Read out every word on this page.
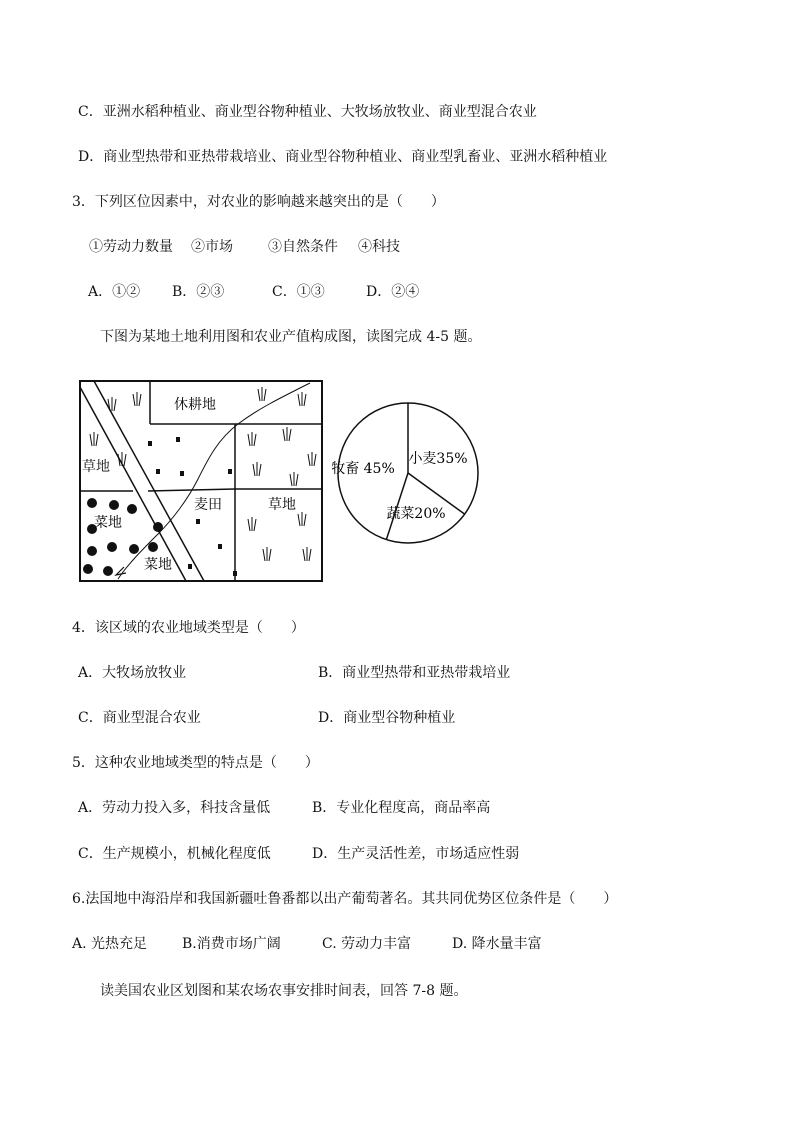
C．亚洲水稻种植业、商业型谷物种植业、大牧场放牧业、商业型混合农业
D．商业型热带和亚热带栽培业、商业型谷物种植业、商业型乳畜业、亚洲水稻种植业
3．下列区位因素中，对农业的影响越来越突出的是（　　）
①劳动力数量 ②市场	③自然条件 ④科技
A．①② B．②③	C．①③	D．②④
下图为某地土地利用图和农业产值构成图，读图完成 4-5 题。
休耕地
草地
菜地
麦田	草地
菜地
小麦35%
蔬菜20%
牧畜 45%
4．该区域的农业地域类型是（　　）
A．大牧场放牧业	B．商业型热带和亚热带栽培业
C．商业型混合农业	D．商业型谷物种植业
5．这种农业地域类型的特点是（　　）
A．劳动力投入多，科技含量低	B．专业化程度高，商品率高
C．生产规模小，机械化程度低	D．生产灵活性差，市场适应性弱
6.法国地中海沿岸和我国新疆吐鲁番都以出产葡萄著名。其共同优势区位条件是（　　）
A. 光热充足 B.消费市场广阔	C. 劳动力丰富	D. 降水量丰富
读美国农业区划图和某农场农事安排时间表，回答 7-8 题。
